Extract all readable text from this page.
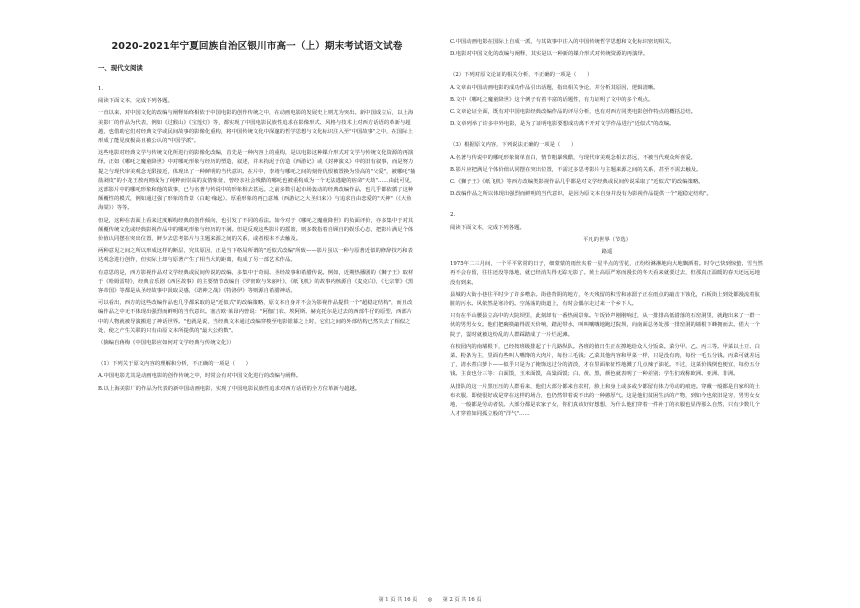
2020-2021年宁夏回族自治区银川市高一（上）期末考试语文试卷
一、现代文阅读
1.
阅读下面文本，完成下列各题。
一直以来，对中国文化的改编与阐释始终相依于中国电影的创作传统之中，在动画电影的发展史上则尤为突出。新中国成立后，以上海美影厂的作品为代表，例如《过猴山》《宝莲灯》等，都实现了中国电影民族性追求在影像形式、风格与技术上对西方话语的革新与超越，也借助它们对经典文学或民间故事的影像化重构，将中国传统文化中深邃的哲学思想与文化标识注入至"中国故事"之中，在国际上形成了能见度极高且被公认的"中国学派"。
这些电影对经典文学与传统文化所进行的影像化改编，首先是一种内容上的重构，是以电影这种媒介形式对文学与传统文化资源的再演绎。正如《哪吒之魔童降世》中对哪吒形象与经历的塑造，叙述，并未拘泥于仿造《西游记》或《封神演义》中的旧有叙事，而是努力提之与现代审美观念无限接近，体现出了一种鲜明的当代意识。在片中，李靖与哪吒之间的刻骨仇恨被置换为崇高的"父爱"，被哪吒"抽筋剥皮"的小龙王敖丙则成为了纯粹而崇高的友情象征，曾经亲社会残酷的哪吒也被重构成为一个无法逃避的宿命"天劫"……由此可见，这部影片中的哪吒形象和他的故事，已与名著与传说中的形象相去甚远。之前多数引起市场轰动的经典改编作品，也几乎都依循了这种颠覆性的模式，例如通过强了形象的背景（白蛇·缘起）、厚重形象的再□意城（西游记之大圣归来）》与追求自由恋爱的"天神"（《大鱼海棠》）等等。
但是，这种在表面上看来过度解构经典的创作倾向，也引发了不同的看法。如今对于《哪吒之魔童降世》的负面评价，亦多集中于对其颠覆传统文化或经典影视作品中的哪吒形象与经历的不满。但是反观这些影片的摇篮，则多数指着自顾自的娱乐心态，把影片满足个体价值认同摆在突出位置，鲜少去思考影片与主题来源之间的关系，或者根本不去触及。
两种意见之间之所以形成这样的断层，究其原因，正是当下格局所谓的"近似式改编"所致——影片虽以一种与原著近似的修辞技巧和表达观念进行创作，但实际上却与原著产生了相当大的距离，构成了另一部艺术作品。
有意思的是，西方影视作品对文学经典或民间传说的改编，多集中于奇闻、圣经故事和希腊传说。例如，近期热播剧的《狮子王》取材于《哈姆雷特》，经典音乐剧《西区故事》的主要情节改编自《罗密欧与朱丽叶》，《纸飞机》的故事内核源自《麦克白》，《七宗罪》《黑客帝国》等都是从圣经故事中汲取灵感，《诺神之战》《特洛伊》等则源自希腊神话。
可以看出，西方的这些改编作品也几乎都采取的是"近似式"的改编策略，原文本自身并不会为影视作品提供一个"超稳定结构"，而且改编作品之中无不体现出强烈而鲜明的当代意识。塞吉欧·莱昂内曾说："阿伽门农、埃阿斯、赫克托尔是过去的西部牛仔的原型，西部片中的人物就被导演搬进了神话世界。"也就是说，当经典文本通过改编穿梭至电影银幕之上时，它们之间的外部结构已然失去了相似之处，使之产生关联的只有由原文本所提供的"最大公约数"。
（摘编自蒋梅《中国电影应如何对文学经典与传统文化》）
（1）下列关于原文内容的理解和分析，不正确的一项是（　　）
A.中国电影尤其是动画电影的创作传统之中，时常会有对中国文化进行的改编与阐释。
B.以上海美影厂的作品为代表的新中国动画电影，实现了中国电影民族性追求对西方话语的全方位革新与超越。
C.中国动画电影在国际上自成一派，与其故事中注入的中国传统哲学思想和文化标识密切相关。
D.电影对中国文化的改编与阐释，其实是以一种新的媒介形式对传统资源的再演绎。
（2）下列对原文论证的相关分析，不正确的一项是（　　）
A.文章由中国动画电影的成功作品引出话题，指出相关争论，并分析其原因，逻辑清晰。
B.文中《哪吒之魔童降世》这个例子有着丰富的话题性，有力证明了文中的多个观点。
C.文章论证全面，既有对中国电影经典改编作品的评尽分析，也有对西方同类电影创作特点的概括总结。
D.文章列举了许多中外电影，是为了证明电影要想成功离不开对文学作品进行"近似式"的改编。
（3）根据原文内容，下列说法正确的一项是（　　）
A.名著与传说中的哪吒形象简单直白，情节粗暴残酷，与现代审美观念相去甚远，不被当代观众所喜爱。
B.影片应把满足个体价值认同摆在突出位置，不需过多思考影片与主题来源之间的关系，甚至不需去触及。
C.《狮子王》《纸飞机》等西方改编类影视作品几乎都是对文学经典或民间传说采取了"近似式"的改编策略。
D.改编作品之所以体现出强烈而鲜明的当代意识，是因为原文本自身并没有为影视作品提供一个"超稳定结构"。
2.
阅读下面文本，完成下列各题。
平凡的世界（节选）
路遥
1975年二三月间，一个平平常常的日子，细蒙蒙的雨丝夹着一星半点的雪花，正纷纷淋淋地向大地飘洒着。时令已快到惊蛰，雪当然再不会存留，往往还没等落地，就已经消失得无踪无影了。黄土高原严寒而漫长的冬天看来就要过去，但那真正温暖的春天还远远地没有到来。
县城的大街小巷往平时少了许多嘈杂。街巷背阴的地方，冬天残留的积雪和冰溜子正在雨点的敲击下蚀化，石板街上到处都漫流着肮脏的污水。风依然是寒冷的。空荡荡的街道上，有时会偶尔走过来一个乡下人。
只有在半山腰县立高中的大院坝里，此刻却有一番热闹景象。午饭铃声刚刚响过，从一排排高低错落的石窑洞里，就跑出来了一群一伙的男男女女。他们把碗筷敲得震天价响，踏泥带水，叫叫嚷嚷地跑过院坝，向南面总务处那一排窑洞的墙根下蜂拥而去。偌大一个院子，霎时就被这纷乱的人群踩踏成了一片烂泥滩。
在校园内的南墙根下，已经按班级排起了十几路纵队。各班的值日生正在擦地给众人分饭菜。菜分甲、乙、丙三等。甲菜以土豆、白菜、粉条为主，里面有些叫人嘴馋的大肉片，每份三毛钱；乙菜其他内容和甲菜一样，只是没有肉，每份一毛五分钱。丙菜可就差远了，清水煮白萝卜——似乎只是为了掩饰这过分的清淡，才在里面象征性地溅了几点辣子油花。不过，这菜价钱倒也便宜，每份五分钱。主食也分三等：白面馍，玉米面馍，高粱面馍；白、黄、黑，颜色就表明了一种差别；学生们戏称欧洲、亚洲、非洲。
从排队的这一片黑压压的人群看来，他们大部分都来自农村，脸上和身上或多或少都留有体力劳动的痕迹。穿戴一般都是自家织的土布衣服，即使很好或是穿在这样的场合，也仍然带着说不出的一种憨厚气。这是他们贫困生活的产物，到如今也依旧是穷，男男女女地，一般都是劳动者装。大部分都是农家子女，你们真该好好想想，为什么他们穿着一件补丁的衣服也显得那么自然，只有少数几个人才穿着如同孤立般的"洋气"……
第 1 页 共 16 页　　◎　　第 2 页 共 16 页
